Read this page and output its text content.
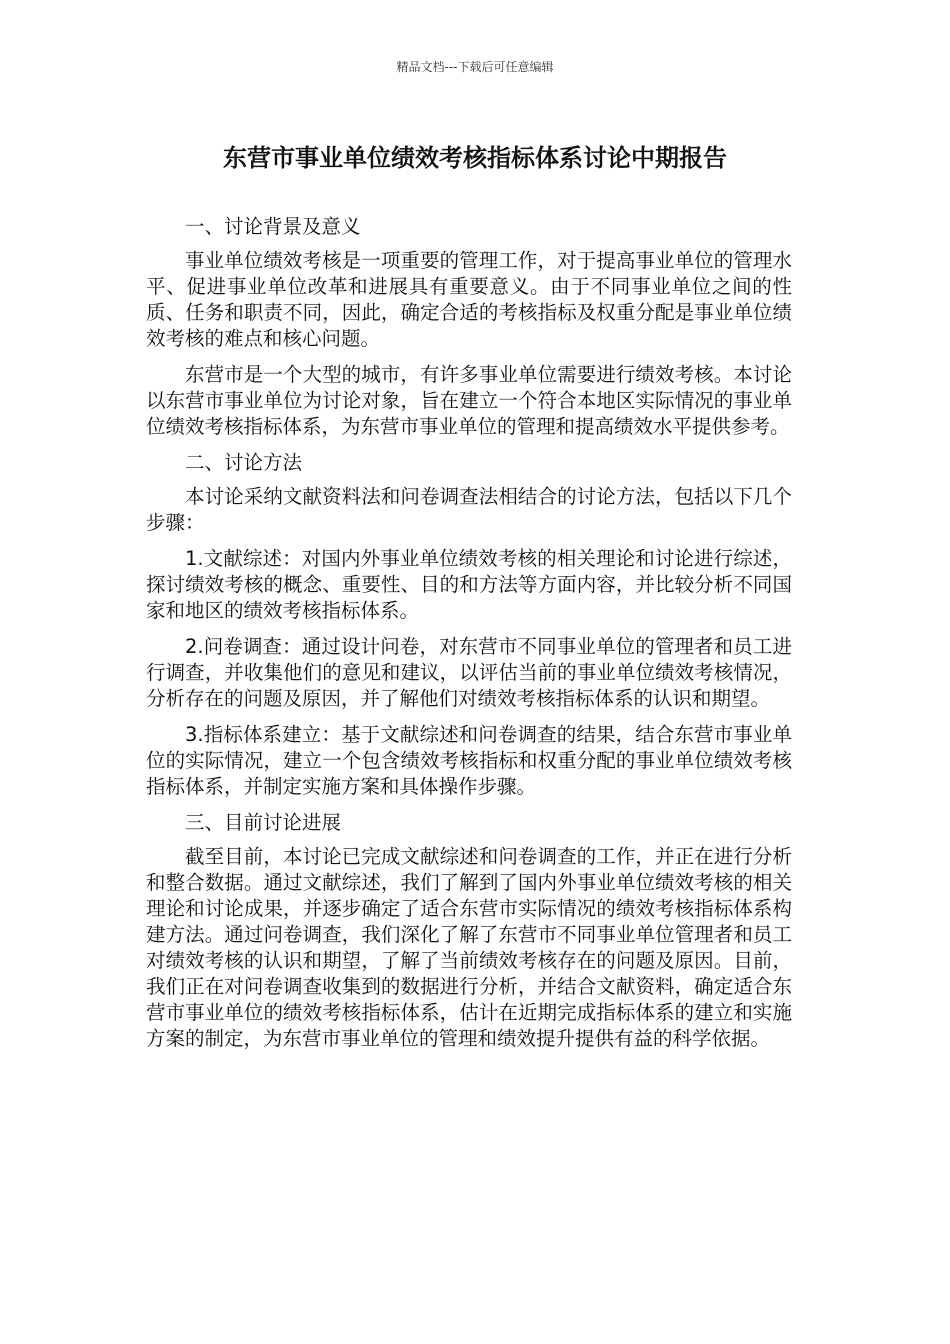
精品文档---下载后可任意编辑
东营市事业单位绩效考核指标体系讨论中期报告

一、讨论背景及意义

事业单位绩效考核是一项重要的管理工作，对于提高事业单位的管理水平、促进事业单位改革和进展具有重要意义。由于不同事业单位之间的性质、任务和职责不同，因此，确定合适的考核指标及权重分配是事业单位绩效考核的难点和核心问题。

东营市是一个大型的城市，有许多事业单位需要进行绩效考核。本讨论以东营市事业单位为讨论对象，旨在建立一个符合本地区实际情况的事业单位绩效考核指标体系，为东营市事业单位的管理和提高绩效水平提供参考。

二、讨论方法

本讨论采纳文献资料法和问卷调查法相结合的讨论方法，包括以下几个步骤：

1.文献综述：对国内外事业单位绩效考核的相关理论和讨论进行综述，探讨绩效考核的概念、重要性、目的和方法等方面内容，并比较分析不同国家和地区的绩效考核指标体系。

2.问卷调查：通过设计问卷，对东营市不同事业单位的管理者和员工进行调查，并收集他们的意见和建议，以评估当前的事业单位绩效考核情况，分析存在的问题及原因，并了解他们对绩效考核指标体系的认识和期望。

3.指标体系建立：基于文献综述和问卷调查的结果，结合东营市事业单位的实际情况，建立一个包含绩效考核指标和权重分配的事业单位绩效考核指标体系，并制定实施方案和具体操作步骤。

三、目前讨论进展

截至目前，本讨论已完成文献综述和问卷调查的工作，并正在进行分析和整合数据。通过文献综述，我们了解到了国内外事业单位绩效考核的相关理论和讨论成果，并逐步确定了适合东营市实际情况的绩效考核指标体系构建方法。通过问卷调查，我们深化了解了东营市不同事业单位管理者和员工对绩效考核的认识和期望，了解了当前绩效考核存在的问题及原因。目前，我们正在对问卷调查收集到的数据进行分析，并结合文献资料，确定适合东营市事业单位的绩效考核指标体系，估计在近期完成指标体系的建立和实施方案的制定，为东营市事业单位的管理和绩效提升提供有益的科学依据。
